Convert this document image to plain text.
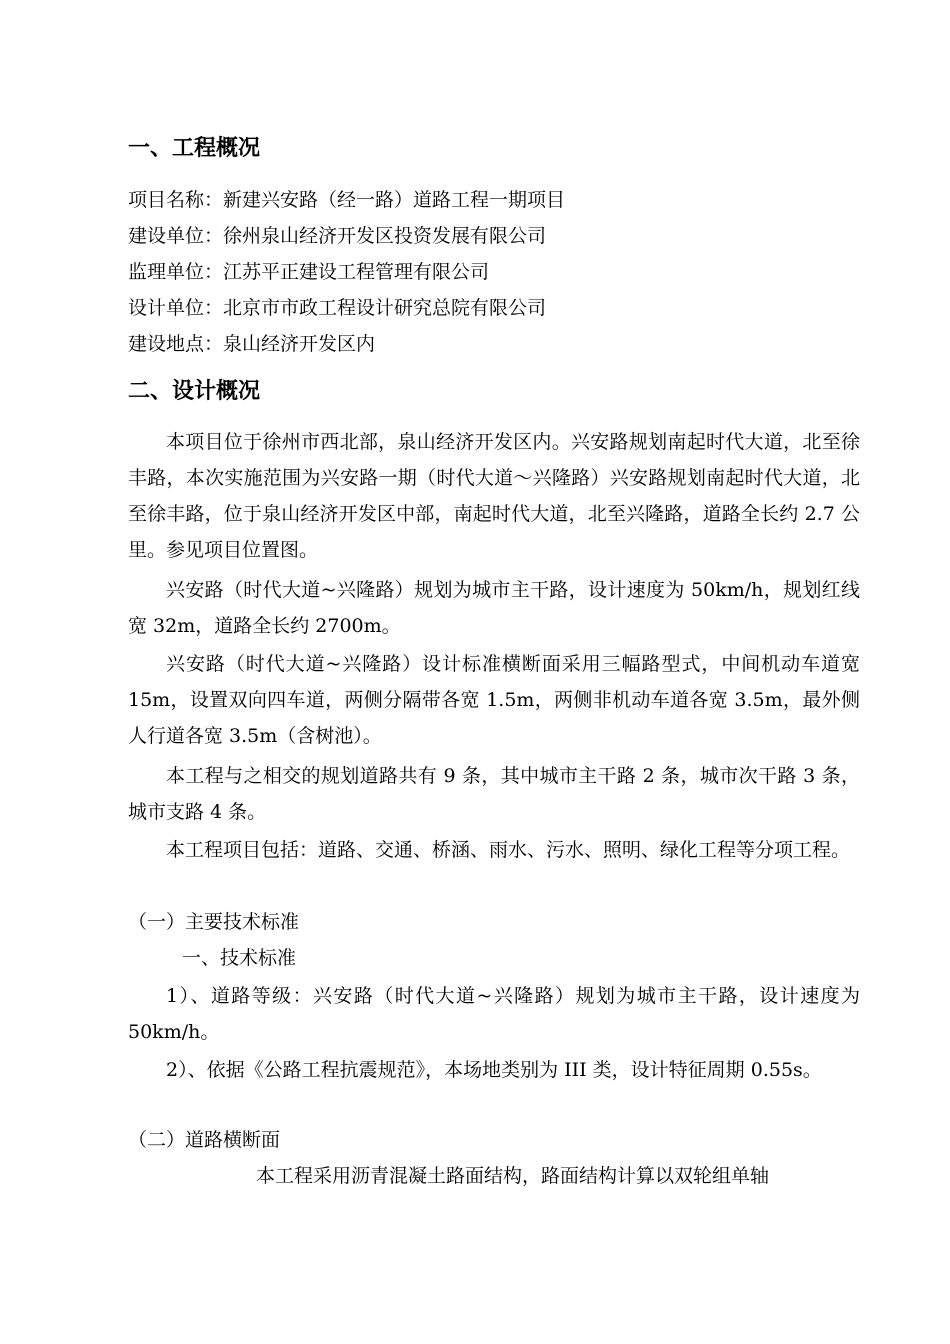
一、工程概况
项目名称：新建兴安路（经一路）道路工程一期项目
建设单位：徐州泉山经济开发区投资发展有限公司
监理单位：江苏平正建设工程管理有限公司
设计单位：北京市市政工程设计研究总院有限公司
建设地点：泉山经济开发区内
二、设计概况

本项目位于徐州市西北部，泉山经济开发区内。兴安路规划南起时代大道，北至徐丰路，本次实施范围为兴安路一期（时代大道～兴隆路）兴安路规划南起时代大道，北至徐丰路，位于泉山经济开发区中部，南起时代大道，北至兴隆路，道路全长约 2.7 公里。参见项目位置图。

兴安路（时代大道~兴隆路）规划为城市主干路，设计速度为 50km/h，规划红线宽 32m，道路全长约 2700m。

兴安路（时代大道~兴隆路）设计标准横断面采用三幅路型式，中间机动车道宽 15m，设置双向四车道，两侧分隔带各宽 1.5m，两侧非机动车道各宽 3.5m，最外侧人行道各宽 3.5m（含树池）。

本工程与之相交的规划道路共有 9 条，其中城市主干路 2 条，城市次干路 3 条，城市支路 4 条。

本工程项目包括：道路、交通、桥涵、雨水、污水、照明、绿化工程等分项工程。

（一）主要技术标准
一、技术标准

1）、道路等级：兴安路（时代大道~兴隆路）规划为城市主干路，设计速度为 50km/h。

2）、依据《公路工程抗震规范》，本场地类别为 III 类，设计特征周期 0.55s。

（二）道路横断面
本工程采用沥青混凝土路面结构，路面结构计算以双轮组单轴
